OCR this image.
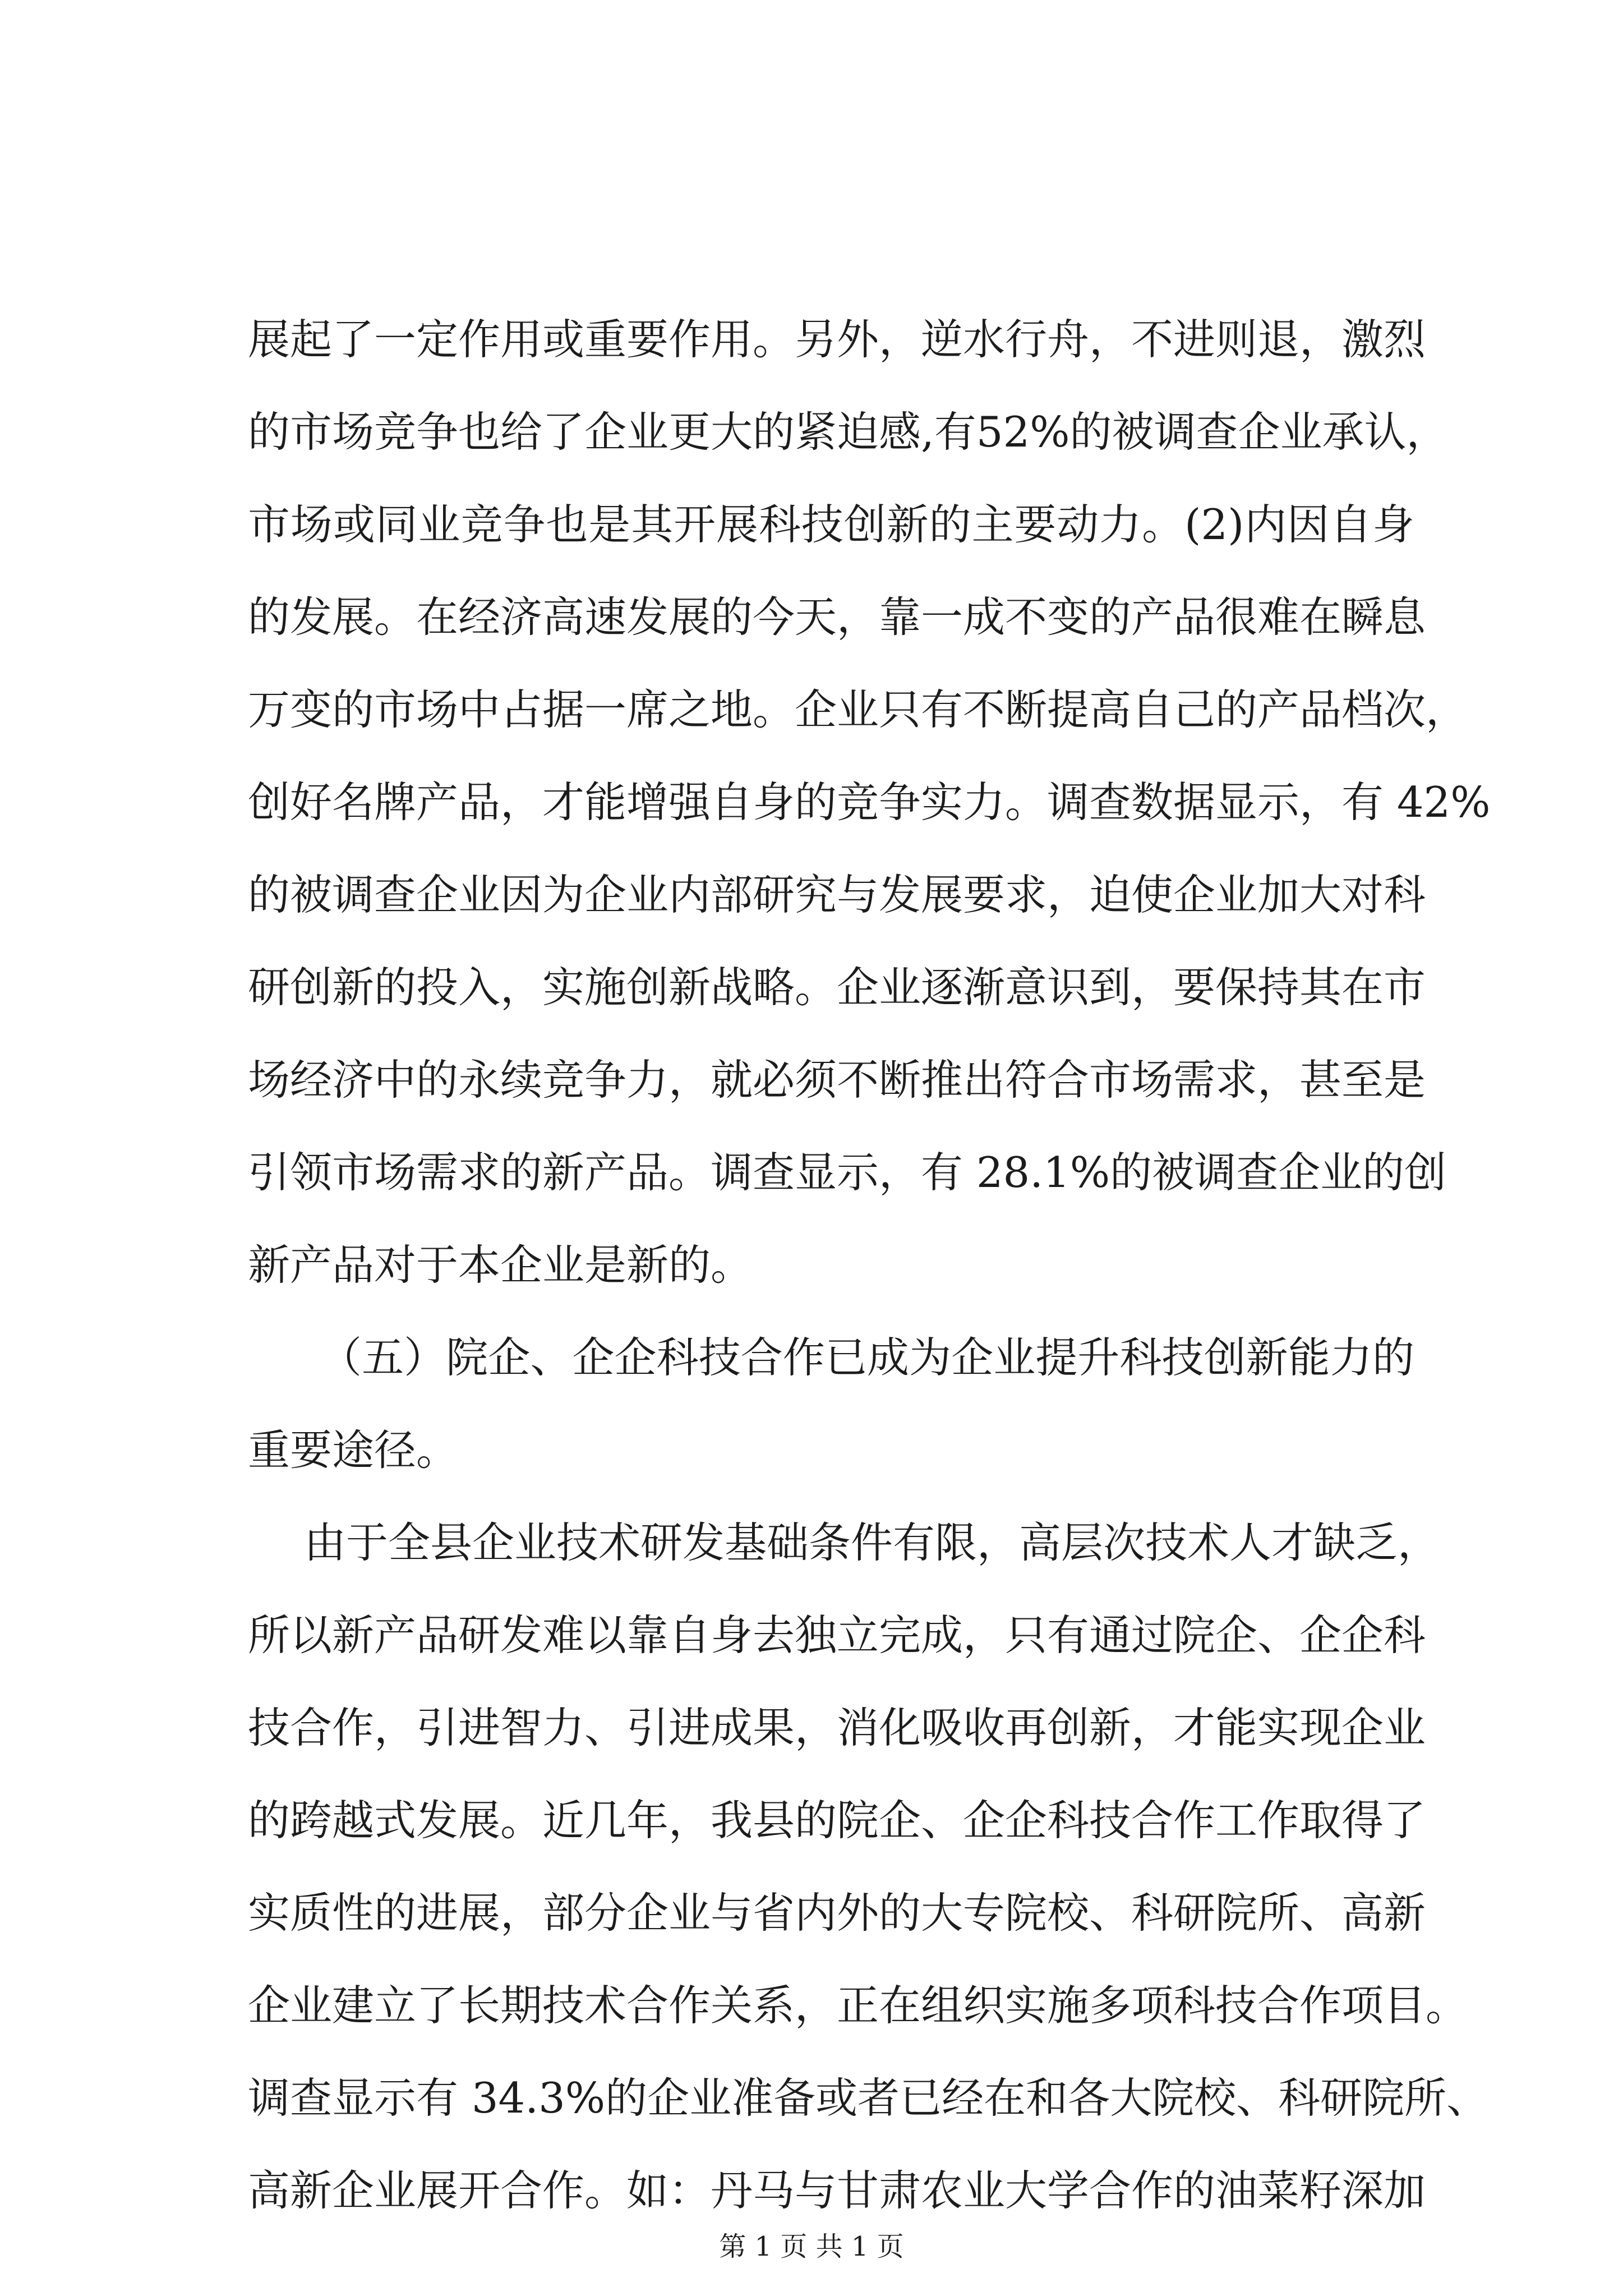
展起了一定作用或重要作用。另外，逆水行舟，不进则退，激烈
的市场竞争也给了企业更大的紧迫感,有52%的被调查企业承认，
市场或同业竞争也是其开展科技创新的主要动力。(2)内因自身
的发展。在经济高速发展的今天，靠一成不变的产品很难在瞬息
万变的市场中占据一席之地。企业只有不断提高自己的产品档次，
创好名牌产品，才能增强自身的竞争实力。调查数据显示，有 42%
的被调查企业因为企业内部研究与发展要求，迫使企业加大对科
研创新的投入，实施创新战略。企业逐渐意识到，要保持其在市
场经济中的永续竞争力，就必须不断推出符合市场需求，甚至是
引领市场需求的新产品。调查显示，有 28.1%的被调查企业的创
新产品对于本企业是新的。
（五）院企、企企科技合作已成为企业提升科技创新能力的
重要途径。
由于全县企业技术研发基础条件有限，高层次技术人才缺乏，
所以新产品研发难以靠自身去独立完成，只有通过院企、企企科
技合作，引进智力、引进成果，消化吸收再创新，才能实现企业
的跨越式发展。近几年，我县的院企、企企科技合作工作取得了
实质性的进展，部分企业与省内外的大专院校、科研院所、高新
企业建立了长期技术合作关系，正在组织实施多项科技合作项目。
调查显示有 34.3%的企业准备或者已经在和各大院校、科研院所、
高新企业展开合作。如：丹马与甘肃农业大学合作的油菜籽深加
第 1 页 共 1 页
